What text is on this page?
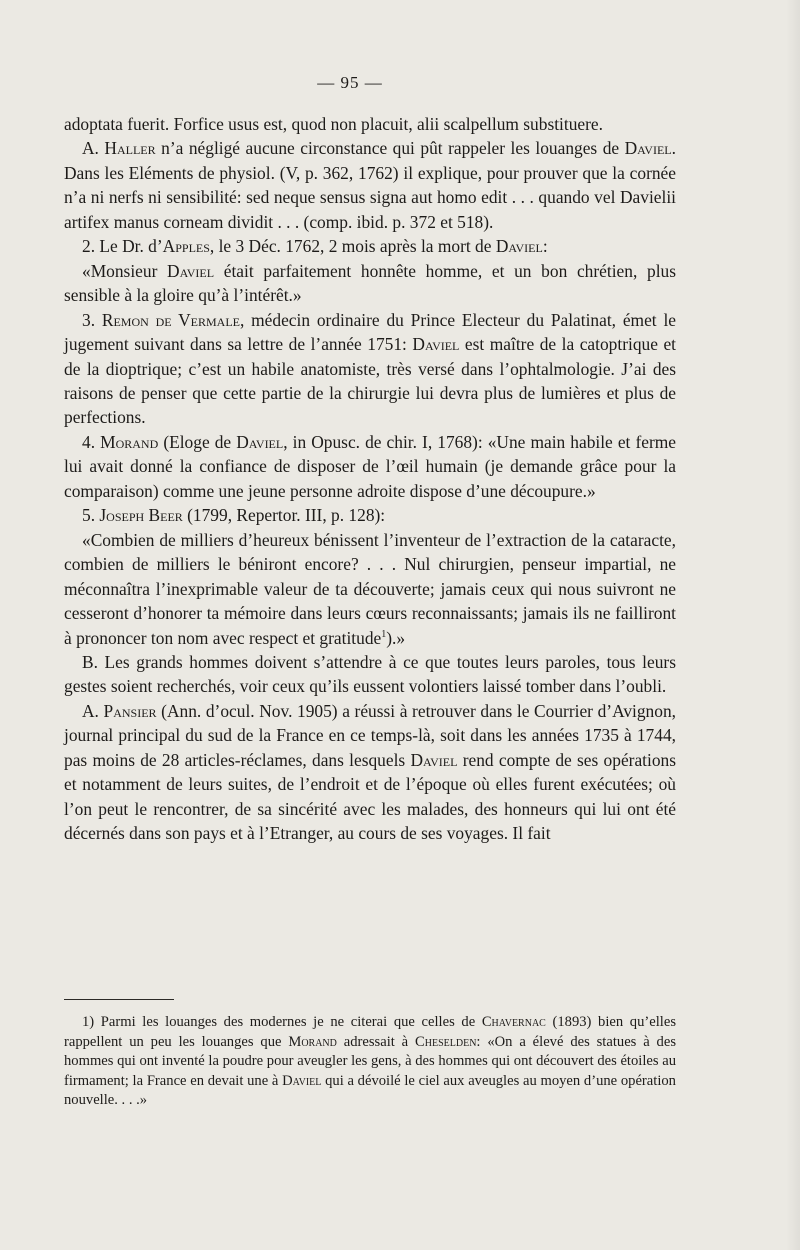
— 95 —

adoptata fuerit. Forfice usus est, quod non placuit, alii scalpellum substituere.

A. Haller n’a négligé aucune circonstance qui pût rappeler les louanges de Daviel. Dans les Eléments de physiol. (V, p. 362, 1762) il explique, pour prouver que la cornée n’a ni nerfs ni sensibilité: sed neque sensus signa aut homo edit . . . quando vel Davielii artifex manus corneam dividit . . . (comp. ibid. p. 372 et 518).

2. Le Dr. d’Apples, le 3 Déc. 1762, 2 mois après la mort de Daviel:

«Monsieur Daviel était parfaitement honnête homme, et un bon chrétien, plus sensible à la gloire qu’à l’intérêt.»

3. Remon de Vermale, médecin ordinaire du Prince Electeur du Palatinat, émet le jugement suivant dans sa lettre de l’année 1751: Daviel est maître de la catoptrique et de la dioptrique; c’est un habile anatomiste, très versé dans l’ophtalmologie. J’ai des raisons de penser que cette partie de la chirurgie lui devra plus de lumières et plus de perfections.

4. Morand (Eloge de Daviel, in Opusc. de chir. I, 1768): «Une main habile et ferme lui avait donné la confiance de disposer de l’œil humain (je demande grâce pour la comparaison) comme une jeune personne adroite dispose d’une découpure.»

5. Joseph Beer (1799, Repertor. III, p. 128):

«Combien de milliers d’heureux bénissent l’inventeur de l’extraction de la cataracte, combien de milliers le béniront encore? . . . Nul chirurgien, penseur impartial, ne méconnaîtra l’inexprimable valeur de ta découverte; jamais ceux qui nous suivront ne cesseront d’honorer ta mémoire dans leurs cœurs reconnaissants; jamais ils ne failliront à prononcer ton nom avec respect et gratitude$^1$).»

B. Les grands hommes doivent s’attendre à ce que toutes leurs paroles, tous leurs gestes soient recherchés, voir ceux qu’ils eussent volontiers laissé tomber dans l’oubli.

A. Pansier (Ann. d’ocul. Nov. 1905) a réussi à retrouver dans le Courrier d’Avignon, journal principal du sud de la France en ce temps-là, soit dans les années 1735 à 1744, pas moins de 28 articles-réclames, dans lesquels Daviel rend compte de ses opérations et notamment de leurs suites, de l’endroit et de l’époque où elles furent exécutées; où l’on peut le rencontrer, de sa sincérité avec les malades, des honneurs qui lui ont été décernés dans son pays et à l’Etranger, au cours de ses voyages. Il fait

1) Parmi les louanges des modernes je ne citerai que celles de Chavernac (1893) bien qu’elles rappellent un peu les louanges que Morand adressait à Cheselden: «On a élevé des statues à des hommes qui ont inventé la poudre pour aveugler les gens, à des hommes qui ont découvert des étoiles au firmament; la France en devait une à Daviel qui a dévoilé le ciel aux aveugles au moyen d’une opération nouvelle. . . .»
